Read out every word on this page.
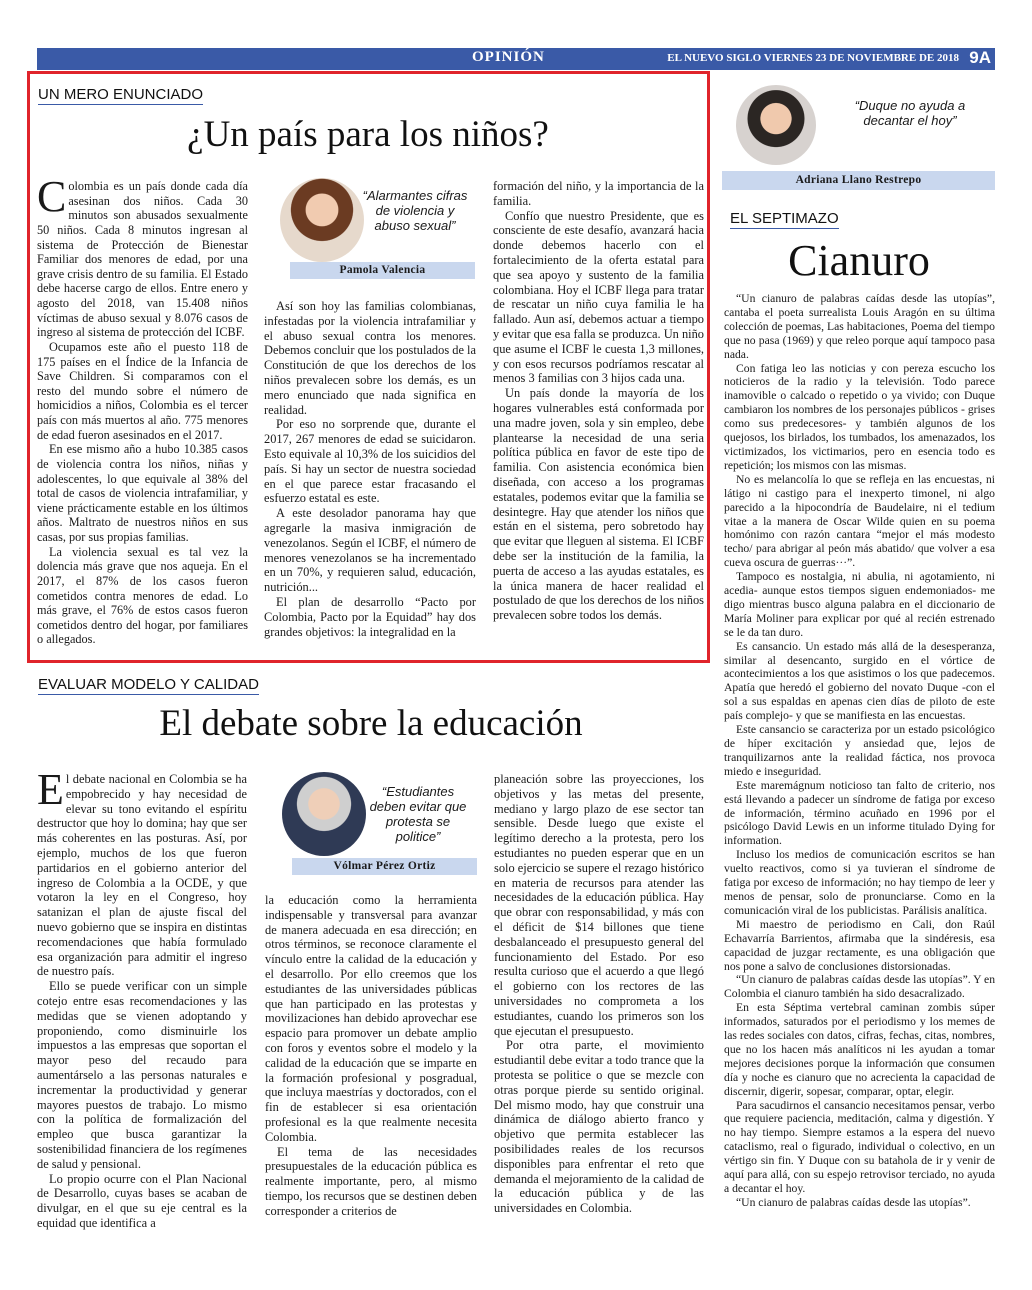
OPINIÓN	EL NUEVO SIGLO VIERNES 23 DE NOVIEMBRE DE 2018 9A
UN MERO ENUNCIADO
¿Un país para los niños?

Colombia es un país donde cada día asesinan dos niños. Cada 30 minutos son abusados sexualmente 50 niños. Cada 8 minutos ingresan al sistema de Protección de Bienestar Familiar dos menores de edad, por una grave crisis dentro de su familia. El Estado debe hacerse cargo de ellos. Entre enero y agosto del 2018, van 15.408 niños víctimas de abuso sexual y 8.076 casos de ingreso al sistema de protección del ICBF.

Ocupamos este año el puesto 118 de 175 países en el Índice de la Infancia de Save Children. Si comparamos con el resto del mundo sobre el número de homicidios a niños, Colombia es el tercer país con más muertos al año. 775 menores de edad fueron asesinados en el 2017.

En ese mismo año a hubo 10.385 casos de violencia contra los niños, niñas y adolescentes, lo que equivale al 38% del total de casos de violencia intrafamiliar, y viene prácticamente estable en los últimos años. Maltrato de nuestros niños en sus casas, por sus propias familias.

La violencia sexual es tal vez la dolencia más grave que nos aqueja. En el 2017, el 87% de los casos fueron cometidos contra menores de edad. Lo más grave, el 76% de estos casos fueron cometidos dentro del hogar, por familiares o allegados.

“Alarmantes cifras de violencia y abuso sexual”
Pamola Valencia

Así son hoy las familias colombianas, infestadas por la violencia intrafamiliar y el abuso sexual contra los menores. Debemos concluir que los postulados de la Constitución de que los derechos de los niños prevalecen sobre los demás, es un mero enunciado que nada significa en realidad.

Por eso no sorprende que, durante el 2017, 267 menores de edad se suicidaron. Esto equivale al 10,3% de los suicidios del país. Si hay un sector de nuestra sociedad en el que parece estar fracasando el esfuerzo estatal es este.

A este desolador panorama hay que agregarle la masiva inmigración de venezolanos. Según el ICBF, el número de menores venezolanos se ha incrementado en un 70%, y requieren salud, educación, nutrición...

El plan de desarrollo “Pacto por Colombia, Pacto por la Equidad” hay dos grandes objetivos: la integralidad en la

formación del niño, y la importancia de la familia.

Confío que nuestro Presidente, que es consciente de este desafío, avanzará hacia donde debemos hacerlo con el fortalecimiento de la oferta estatal para que sea apoyo y sustento de la familia colombiana. Hoy el ICBF llega para tratar de rescatar un niño cuya familia le ha fallado. Aun así, debemos actuar a tiempo y evitar que esa falla se produzca. Un niño que asume el ICBF le cuesta 1,3 millones, y con esos recursos podríamos rescatar al menos 3 familias con 3 hijos cada una.

Un país donde la mayoría de los hogares vulnerables está conformada por una madre joven, sola y sin empleo, debe plantearse la necesidad de una seria política pública en favor de este tipo de familia. Con asistencia económica bien diseñada, con acceso a los programas estatales, podemos evitar que la familia se desintegre. Hay que atender los niños que están en el sistema, pero sobretodo hay que evitar que lleguen al sistema. El ICBF debe ser la institución de la familia, la puerta de acceso a las ayudas estatales, es la única manera de hacer realidad el postulado de que los derechos de los niños prevalecen sobre todos los demás.

EVALUAR MODELO Y CALIDAD
El debate sobre la educación

El debate nacional en Colombia se ha empobrecido y hay necesidad de elevar su tono evitando el espíritu destructor que hoy lo domina; hay que ser más coherentes en las posturas. Así, por ejemplo, muchos de los que fueron partidarios en el gobierno anterior del ingreso de Colombia a la OCDE, y que votaron la ley en el Congreso, hoy satanizan el plan de ajuste fiscal del nuevo gobierno que se inspira en distintas recomendaciones que había formulado esa organización para admitir el ingreso de nuestro país.

Ello se puede verificar con un simple cotejo entre esas recomendaciones y las medidas que se vienen adoptando y proponiendo, como disminuirle los impuestos a las empresas que soportan el mayor peso del recaudo para aumentárselo a las personas naturales e incrementar la productividad y generar mayores puestos de trabajo. Lo mismo con la política de formalización del empleo que busca garantizar la sostenibilidad financiera de los regímenes de salud y pensional.

Lo propio ocurre con el Plan Nacional de Desarrollo, cuyas bases se acaban de divulgar, en el que su eje central es la equidad que identifica a

“Estudiantes deben evitar que protesta se politice”
Vólmar Pérez Ortiz

la educación como la herramienta indispensable y transversal para avanzar de manera adecuada en esa dirección; en otros términos, se reconoce claramente el vínculo entre la calidad de la educación y el desarrollo. Por ello creemos que los estudiantes de las universidades públicas que han participado en las protestas y movilizaciones han debido aprovechar ese espacio para promover un debate amplio con foros y eventos sobre el modelo y la calidad de la educación que se imparte en la formación profesional y posgradual, que incluya maestrías y doctorados, con el fin de establecer si esa orientación profesional es la que realmente necesita Colombia.

El tema de las necesidades presupuestales de la educación pública es realmente importante, pero, al mismo tiempo, los recursos que se destinen deben corresponder a criterios de

planeación sobre las proyecciones, los objetivos y las metas del presente, mediano y largo plazo de ese sector tan sensible. Desde luego que existe el legítimo derecho a la protesta, pero los estudiantes no pueden esperar que en un solo ejercicio se supere el rezago histórico en materia de recursos para atender las necesidades de la educación pública. Hay que obrar con responsabilidad, y más con el déficit de $14 billones que tiene desbalanceado el presupuesto general del funcionamiento del Estado. Por eso resulta curioso que el acuerdo a que llegó el gobierno con los rectores de las universidades no comprometa a los estudiantes, cuando los primeros son los que ejecutan el presupuesto.

Por otra parte, el movimiento estudiantil debe evitar a todo trance que la protesta se politice o que se mezcle con otras porque pierde su sentido original. Del mismo modo, hay que construir una dinámica de diálogo abierto franco y objetivo que permita establecer las posibilidades reales de los recursos disponibles para enfrentar el reto que demanda el mejoramiento de la calidad de la educación pública y de las universidades en Colombia.

“Duque no ayuda a decantar el hoy”
Adriana Llano Restrepo
EL SEPTIMAZO
Cianuro

“Un cianuro de palabras caídas desde las utopías”, cantaba el poeta surrealista Louis Aragón en su última colección de poemas, Las habitaciones, Poema del tiempo que no pasa (1969) y que releo porque aquí tampoco pasa nada.

Con fatiga leo las noticias y con pereza escucho los noticieros de la radio y la televisión. Todo parece inamovible o calcado o repetido o ya vivido; con Duque cambiaron los nombres de los personajes públicos - grises como sus predecesores- y también algunos de los quejosos, los birlados, los tumbados, los amenazados, los victimizados, los victimarios, pero en esencia todo es repetición; los mismos con las mismas.

No es melancolía lo que se refleja en las encuestas, ni látigo ni castigo para el inexperto timonel, ni algo parecido a la hipocondría de Baudelaire, ni el tedium vitae a la manera de Oscar Wilde quien en su poema homónimo con razón cantara “mejor el más modesto techo/ para abrigar al peón más abatido/ que volver a esa cueva oscura de guerras···”.

Tampoco es nostalgia, ni abulia, ni agotamiento, ni acedia- aunque estos tiempos siguen endemoniados- me digo mientras busco alguna palabra en el diccionario de María Moliner para explicar por qué al recién estrenado se le da tan duro.

Es cansancio. Un estado más allá de la desesperanza, similar al desencanto, surgido en el vórtice de acontecimientos a los que asistimos o los que padecemos. Apatía que heredó el gobierno del novato Duque -con el sol a sus espaldas en apenas cien días de piloto de este país complejo- y que se manifiesta en las encuestas.

Este cansancio se caracteriza por un estado psicológico de híper excitación y ansiedad que, lejos de tranquilizarnos ante la realidad fáctica, nos provoca miedo e inseguridad.

Este maremágnum noticioso tan falto de criterio, nos está llevando a padecer un síndrome de fatiga por exceso de información, término acuñado en 1996 por el psicólogo David Lewis en un informe titulado Dying for information.

Incluso los medios de comunicación escritos se han vuelto reactivos, como si ya tuvieran el síndrome de fatiga por exceso de información; no hay tiempo de leer y menos de pensar, solo de pronunciarse. Como en la comunicación viral de los publicistas. Parálisis analítica.

Mi maestro de periodismo en Cali, don Raúl Echavarría Barrientos, afirmaba que la sindéresis, esa capacidad de juzgar rectamente, es una obligación que nos pone a salvo de conclusiones distorsionadas.

“Un cianuro de palabras caídas desde las utopías”. Y en Colombia el cianuro también ha sido desacralizado.

En esta Séptima vertebral caminan zombis súper informados, saturados por el periodismo y los memes de las redes sociales con datos, cifras, fechas, citas, nombres, que no los hacen más analíticos ni les ayudan a tomar mejores decisiones porque la información que consumen día y noche es cianuro que no acrecienta la capacidad de discernir, digerir, sopesar, comparar, optar, elegir.

Para sacudirnos el cansancio necesitamos pensar, verbo que requiere paciencia, meditación, calma y digestión. Y no hay tiempo. Siempre estamos a la espera del nuevo cataclismo, real o figurado, individual o colectivo, en un vértigo sin fin. Y Duque con su batahola de ir y venir de aquí para allá, con su espejo retrovisor terciado, no ayuda a decantar el hoy.

“Un cianuro de palabras caídas desde las utopías”.
